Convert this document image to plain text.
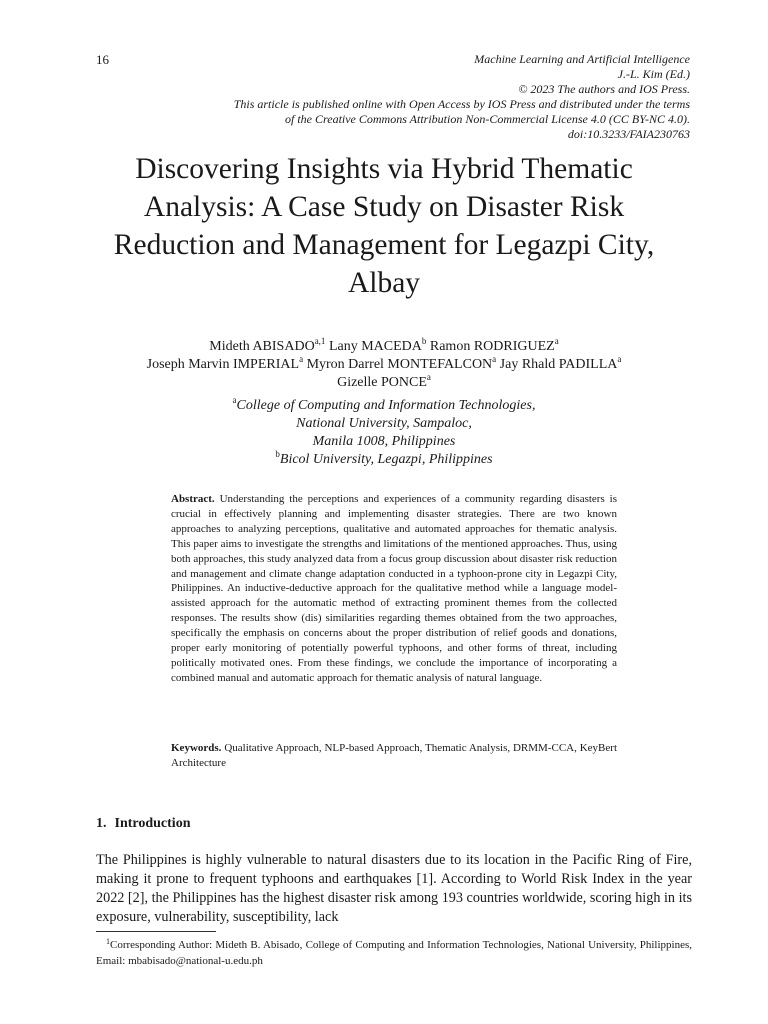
16	Machine Learning and Artificial Intelligence
J.-L. Kim (Ed.)
© 2023 The authors and IOS Press.
This article is published online with Open Access by IOS Press and distributed under the terms
of the Creative Commons Attribution Non-Commercial License 4.0 (CC BY-NC 4.0).
doi:10.3233/FAIA230763
Discovering Insights via Hybrid Thematic Analysis: A Case Study on Disaster Risk Reduction and Management for Legazpi City, Albay
Mideth ABISADO$^{a,1}$ Lany MACEDA$^b$ Ramon RODRIGUEZ$^a$
Joseph Marvin IMPERIAL$^a$ Myron Darrel MONTEFALCON$^a$ Jay Rhald PADILLA$^a$
Gizelle PONCE$^a$
$^a$College of Computing and Information Technologies,
National University, Sampaloc,
Manila 1008, Philippines
$^b$Bicol University, Legazpi, Philippines
Abstract. Understanding the perceptions and experiences of a community regarding disasters is crucial in effectively planning and implementing disaster strategies. There are two known approaches to analyzing perceptions, qualitative and automated approaches for thematic analysis. This paper aims to investigate the strengths and limitations of the mentioned approaches. Thus, using both approaches, this study analyzed data from a focus group discussion about disaster risk reduction and management and climate change adaptation conducted in a typhoon-prone city in Legazpi City, Philippines. An inductive-deductive approach for the qualitative method while a language model-assisted approach for the automatic method of extracting prominent themes from the collected responses. The results show (dis) similarities regarding themes obtained from the two approaches, specifically the emphasis on concerns about the proper distribution of relief goods and donations, proper early monitoring of potentially powerful typhoons, and other forms of threat, including politically motivated ones. From these findings, we conclude the importance of incorporating a combined manual and automatic approach for thematic analysis of natural language.
Keywords. Qualitative Approach, NLP-based Approach, Thematic Analysis, DRMM-CCA, KeyBert Architecture
1. Introduction
The Philippines is highly vulnerable to natural disasters due to its location in the Pacific Ring of Fire, making it prone to frequent typhoons and earthquakes [1]. According to World Risk Index in the year 2022 [2], the Philippines has the highest disaster risk among 193 countries worldwide, scoring high in its exposure, vulnerability, susceptibility, lack
$^1$Corresponding Author: Mideth B. Abisado, College of Computing and Information Technologies, National University, Philippines, Email: mbabisado@national-u.edu.ph
